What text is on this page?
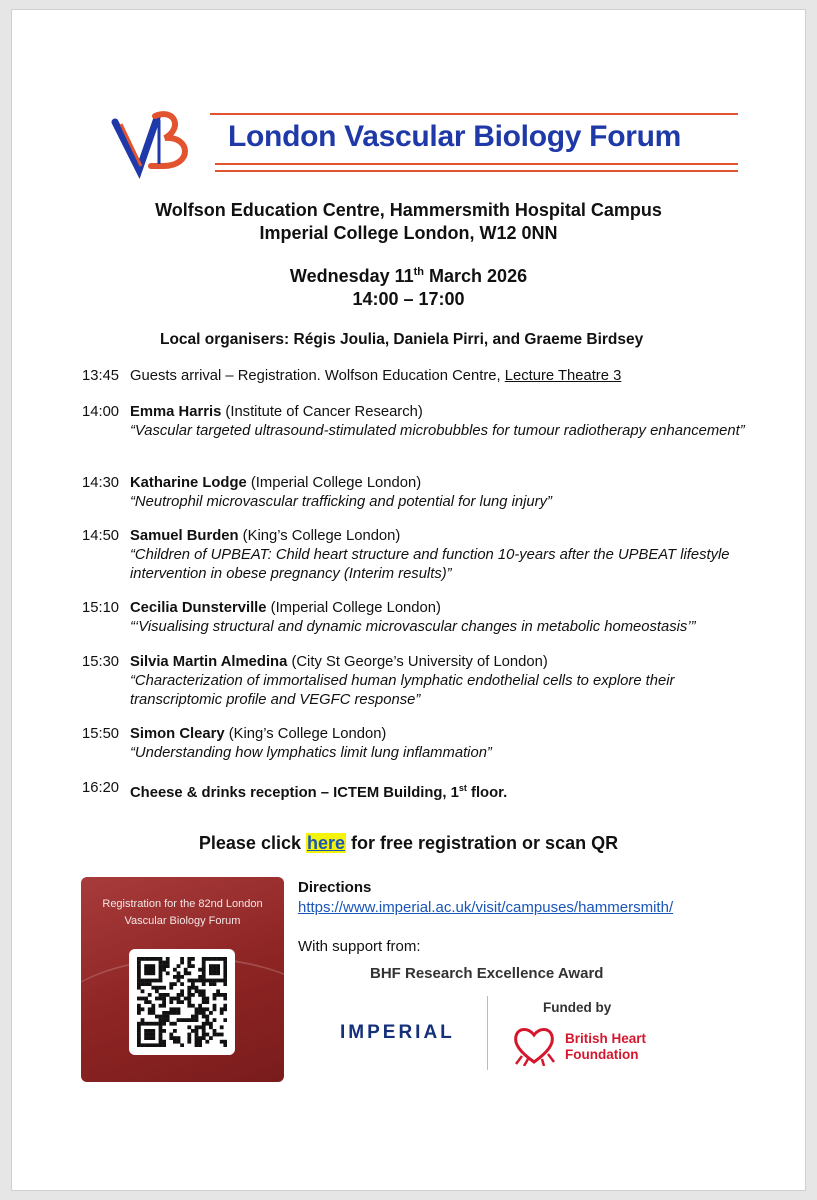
London Vascular Biology Forum
Wolfson Education Centre, Hammersmith Hospital Campus
Imperial College London, W12 0NN
Wednesday 11th March 2026
14:00 – 17:00
Local organisers: Régis Joulia, Daniela Pirri, and Graeme Birdsey
13:45 Guests arrival – Registration. Wolfson Education Centre, Lecture Theatre 3
14:00 Emma Harris (Institute of Cancer Research)
“Vascular targeted ultrasound-stimulated microbubbles for tumour radiotherapy enhancement”
14:30 Katharine Lodge (Imperial College London)
“Neutrophil microvascular trafficking and potential for lung injury”
14:50 Samuel Burden (King’s College London)
“Children of UPBEAT: Child heart structure and function 10-years after the UPBEAT lifestyle intervention in obese pregnancy (Interim results)”
15:10 Cecilia Dunsterville (Imperial College London)
“‘Visualising structural and dynamic microvascular changes in metabolic homeostasis’”
15:30 Silvia Martin Almedina (City St George’s University of London)
“Characterization of immortalised human lymphatic endothelial cells to explore their transcriptomic profile and VEGFC response”
15:50 Simon Cleary (King’s College London)
“Understanding how lymphatics limit lung inflammation”
16:20 Cheese & drinks reception – ICTEM Building, 1st floor.
Please click here for free registration or scan QR
Registration for the 82nd London Vascular Biology Forum
Directions
https://www.imperial.ac.uk/visit/campuses/hammersmith/
With support from:
BHF Research Excellence Award
IMPERIAL
Funded by
British Heart
Foundation
